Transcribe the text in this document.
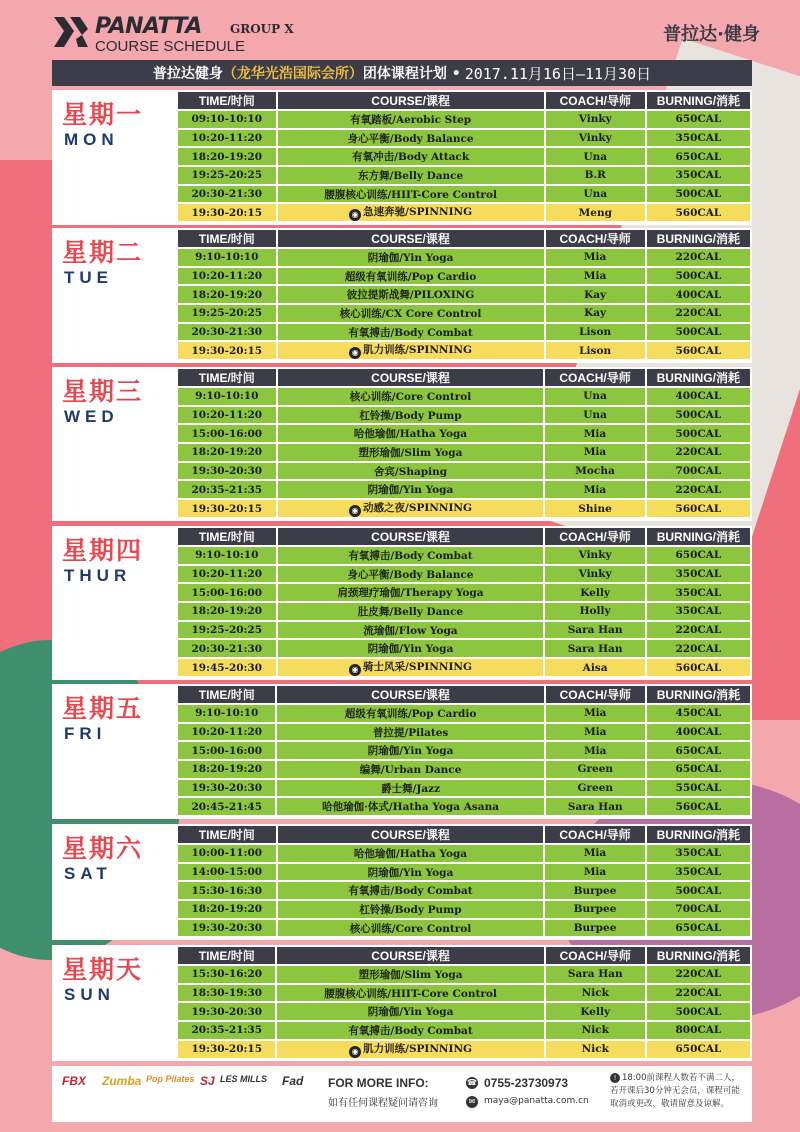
PANATTA GROUP X
COURSE SCHEDULE
普拉达·健身
普拉达健身 （龙华光浩国际会所） 团体课程计划 • 2017.11月16日—11月30日
星期一
MON
TIME/时间	COURSE/课程	COACH/导师	BURNING/消耗
09:10-10:10	有氧踏板/Aerobic Step	Vinky	650CAL
10:20-11:20	身心平衡/Body Balance	Vinky	350CAL
18:20-19:20	有氧冲击/Body Attack	Una	650CAL
19:25-20:25	东方舞/Belly Dance	B.R	350CAL
20:30-21:30	腰腹核心训练/HIIT-Core Control	Una	500CAL
19:30-20:15	◉ 急速奔驰/SPINNING	Meng	560CAL
星期二
TUE
TIME/时间	COURSE/课程	COACH/导师	BURNING/消耗
9:10-10:10	阴瑜伽/Yin Yoga	Mia	220CAL
10:20-11:20	超级有氧训练/Pop Cardio	Mia	500CAL
18:20-19:20	彼拉提斯战舞/PILOXING	Kay	400CAL
19:25-20:25	核心训练/CX Core Control	Kay	220CAL
20:30-21:30	有氧搏击/Body Combat	Lison	500CAL
19:30-20:15	◉ 肌力训练/SPINNING	Lison	560CAL
星期三
WED
TIME/时间	COURSE/课程	COACH/导师	BURNING/消耗
9:10-10:10	核心训练/Core Control	Una	400CAL
10:20-11:20	杠铃操/Body Pump	Una	500CAL
15:00-16:00	哈他瑜伽/Hatha Yoga	Mia	500CAL
18:20-19:20	塑形瑜伽/Slim Yoga	Mia	220CAL
19:30-20:30	舍宾/Shaping	Mocha	700CAL
20:35-21:35	阴瑜伽/Yin Yoga	Mia	220CAL
19:30-20:15	◉ 动感之夜/SPINNING	Shine	560CAL
星期四
THUR
TIME/时间	COURSE/课程	COACH/导师	BURNING/消耗
9:10-10:10	有氧搏击/Body Combat	Vinky	650CAL
10:20-11:20	身心平衡/Body Balance	Vinky	350CAL
15:00-16:00	肩颈理疗瑜伽/Therapy Yoga	Kelly	350CAL
18:20-19:20	肚皮舞/Belly Dance	Holly	350CAL
19:25-20:25	流瑜伽/Flow Yoga	Sara Han	220CAL
20:30-21:30	阴瑜伽/Yin Yoga	Sara Han	220CAL
19:45-20:30	◉ 骑士风采/SPINNING	Aisa	560CAL
星期五
FRI
TIME/时间	COURSE/课程	COACH/导师	BURNING/消耗
9:10-10:10	超级有氧训练/Pop Cardio	Mia	450CAL
10:20-11:20	普拉提/Pilates	Mia	400CAL
15:00-16:00	阴瑜伽/Yin Yoga	Mia	650CAL
18:20-19:20	编舞/Urban Dance	Green	650CAL
19:30-20:30	爵士舞/Jazz	Green	550CAL
20:45-21:45	哈他瑜伽·体式/Hatha Yoga Asana	Sara Han	560CAL
星期六
SAT
TIME/时间	COURSE/课程	COACH/导师	BURNING/消耗
10:00-11:00	哈他瑜伽/Hatha Yoga	Mia	350CAL
14:00-15:00	阴瑜伽/Yin Yoga	Mia	350CAL
15:30-16:30	有氧搏击/Body Combat	Burpee	500CAL
18:20-19:20	杠铃操/Body Pump	Burpee	700CAL
19:30-20:30	核心训练/Core Control	Burpee	650CAL
星期天
SUN
TIME/时间	COURSE/课程	COACH/导师	BURNING/消耗
15:30-16:20	塑形瑜伽/Slim Yoga	Sara Han	220CAL
18:30-19:30	腰腹核心训练/HIIT-Core Control	Nick	220CAL
19:30-20:30	阴瑜伽/Yin Yoga	Kelly	500CAL
20:35-21:35	有氧搏击/Body Combat	Nick	800CAL
19:30-20:15	◉ 肌力训练/SPINNING	Nick	650CAL
FBX Zumba Pop Pilates SJ LES MILLS Fad FOR MORE INFO:
如有任何课程疑问请咨询
☎ 0755-23730973
✉ maya@panatta.com.cn
! 18:00前课程人数若不满二人，若开课后30分钟无会员，课程可能取消或更改，敬请留意及谅解。
